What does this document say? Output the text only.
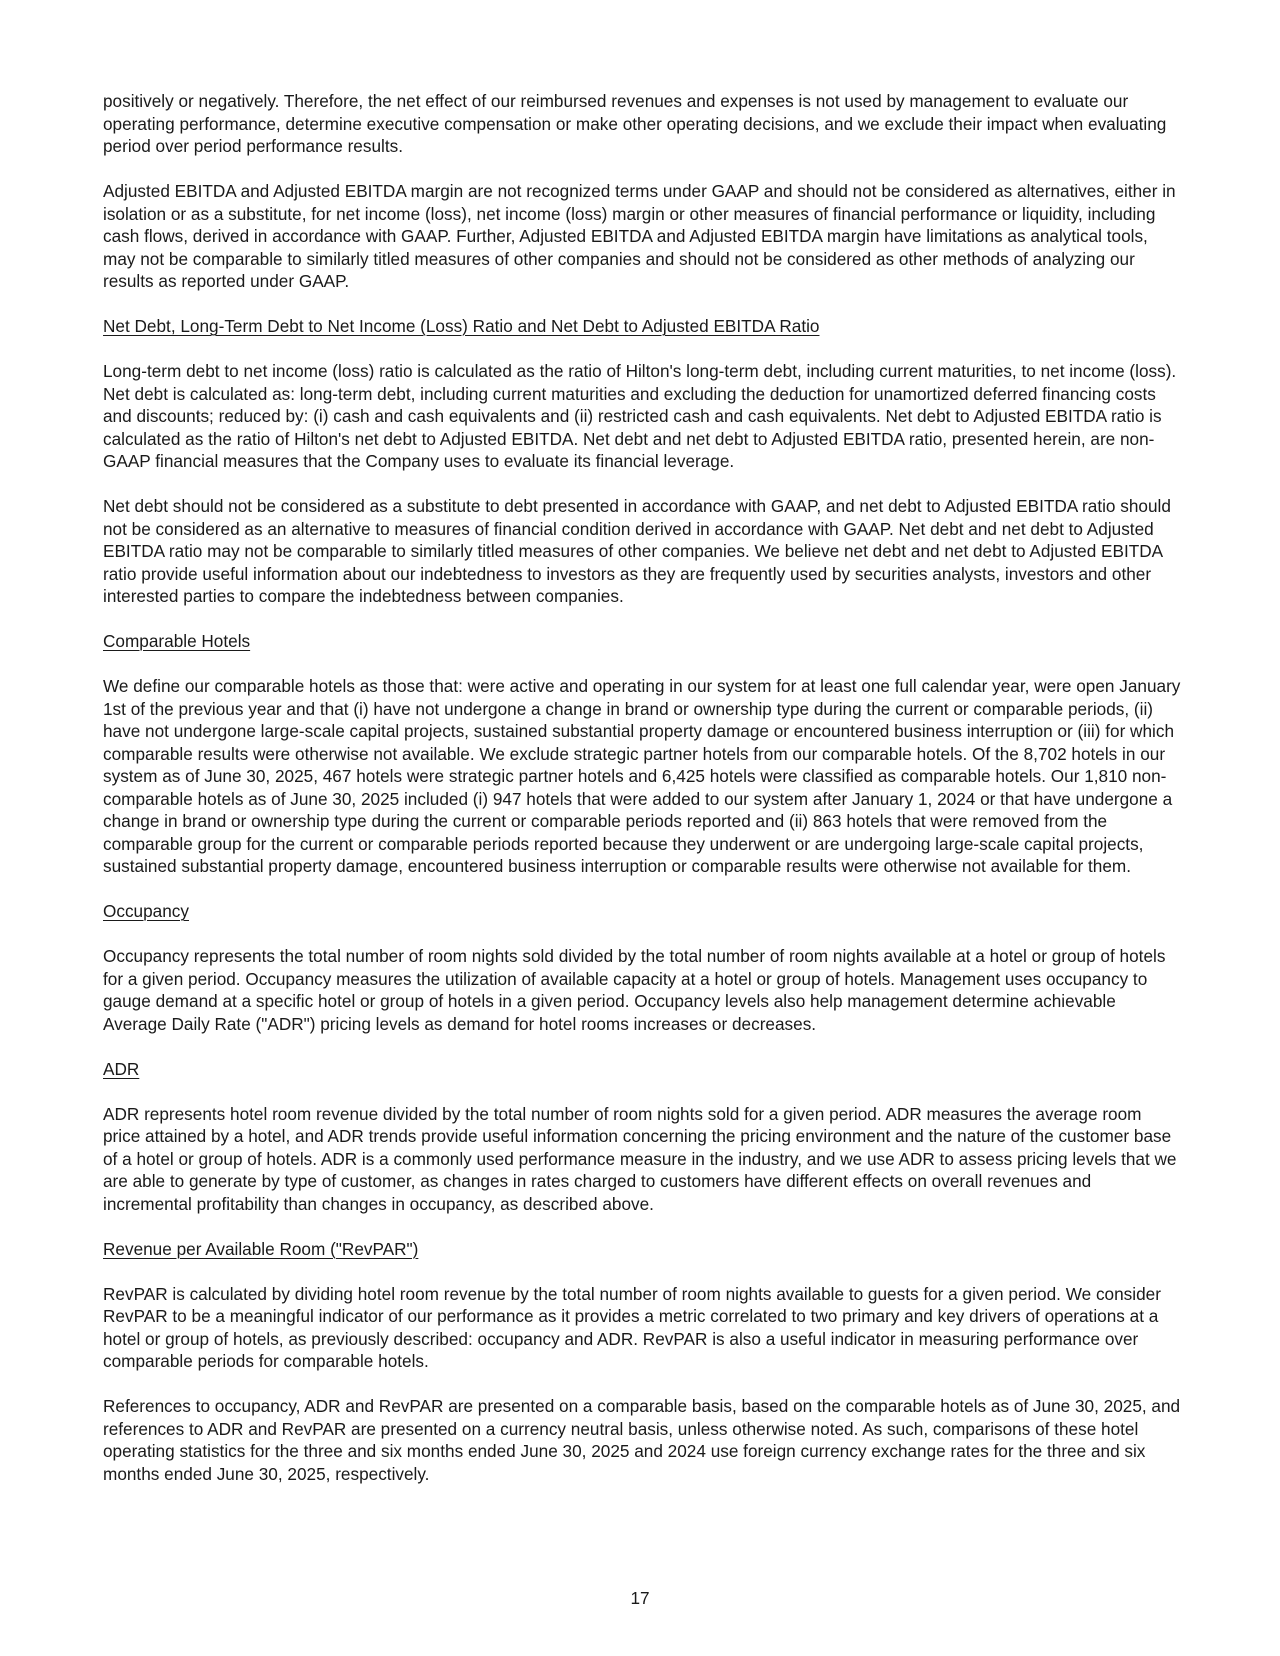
positively or negatively. Therefore, the net effect of our reimbursed revenues and expenses is not used by management to evaluate our operating performance, determine executive compensation or make other operating decisions, and we exclude their impact when evaluating period over period performance results.

Adjusted EBITDA and Adjusted EBITDA margin are not recognized terms under GAAP and should not be considered as alternatives, either in isolation or as a substitute, for net income (loss), net income (loss) margin or other measures of financial performance or liquidity, including cash flows, derived in accordance with GAAP. Further, Adjusted EBITDA and Adjusted EBITDA margin have limitations as analytical tools, may not be comparable to similarly titled measures of other companies and should not be considered as other methods of analyzing our results as reported under GAAP.

Net Debt, Long-Term Debt to Net Income (Loss) Ratio and Net Debt to Adjusted EBITDA Ratio

Long-term debt to net income (loss) ratio is calculated as the ratio of Hilton's long-term debt, including current maturities, to net income (loss). Net debt is calculated as: long-term debt, including current maturities and excluding the deduction for unamortized deferred financing costs and discounts; reduced by: (i) cash and cash equivalents and (ii) restricted cash and cash equivalents. Net debt to Adjusted EBITDA ratio is calculated as the ratio of Hilton's net debt to Adjusted EBITDA. Net debt and net debt to Adjusted EBITDA ratio, presented herein, are non-GAAP financial measures that the Company uses to evaluate its financial leverage.

Net debt should not be considered as a substitute to debt presented in accordance with GAAP, and net debt to Adjusted EBITDA ratio should not be considered as an alternative to measures of financial condition derived in accordance with GAAP. Net debt and net debt to Adjusted EBITDA ratio may not be comparable to similarly titled measures of other companies. We believe net debt and net debt to Adjusted EBITDA ratio provide useful information about our indebtedness to investors as they are frequently used by securities analysts, investors and other interested parties to compare the indebtedness between companies.

Comparable Hotels

We define our comparable hotels as those that: were active and operating in our system for at least one full calendar year, were open January 1st of the previous year and that (i) have not undergone a change in brand or ownership type during the current or comparable periods, (ii) have not undergone large-scale capital projects, sustained substantial property damage or encountered business interruption or (iii) for which comparable results were otherwise not available. We exclude strategic partner hotels from our comparable hotels. Of the 8,702 hotels in our system as of June 30, 2025, 467 hotels were strategic partner hotels and 6,425 hotels were classified as comparable hotels. Our 1,810 non-comparable hotels as of June 30, 2025 included (i) 947 hotels that were added to our system after January 1, 2024 or that have undergone a change in brand or ownership type during the current or comparable periods reported and (ii) 863 hotels that were removed from the comparable group for the current or comparable periods reported because they underwent or are undergoing large-scale capital projects, sustained substantial property damage, encountered business interruption or comparable results were otherwise not available for them.

Occupancy

Occupancy represents the total number of room nights sold divided by the total number of room nights available at a hotel or group of hotels for a given period. Occupancy measures the utilization of available capacity at a hotel or group of hotels. Management uses occupancy to gauge demand at a specific hotel or group of hotels in a given period. Occupancy levels also help management determine achievable Average Daily Rate ("ADR") pricing levels as demand for hotel rooms increases or decreases.

ADR

ADR represents hotel room revenue divided by the total number of room nights sold for a given period. ADR measures the average room price attained by a hotel, and ADR trends provide useful information concerning the pricing environment and the nature of the customer base of a hotel or group of hotels. ADR is a commonly used performance measure in the industry, and we use ADR to assess pricing levels that we are able to generate by type of customer, as changes in rates charged to customers have different effects on overall revenues and incremental profitability than changes in occupancy, as described above.

Revenue per Available Room ("RevPAR")

RevPAR is calculated by dividing hotel room revenue by the total number of room nights available to guests for a given period. We consider RevPAR to be a meaningful indicator of our performance as it provides a metric correlated to two primary and key drivers of operations at a hotel or group of hotels, as previously described: occupancy and ADR. RevPAR is also a useful indicator in measuring performance over comparable periods for comparable hotels.

References to occupancy, ADR and RevPAR are presented on a comparable basis, based on the comparable hotels as of June 30, 2025, and references to ADR and RevPAR are presented on a currency neutral basis, unless otherwise noted. As such, comparisons of these hotel operating statistics for the three and six months ended June 30, 2025 and 2024 use foreign currency exchange rates for the three and six months ended June 30, 2025, respectively.

17
